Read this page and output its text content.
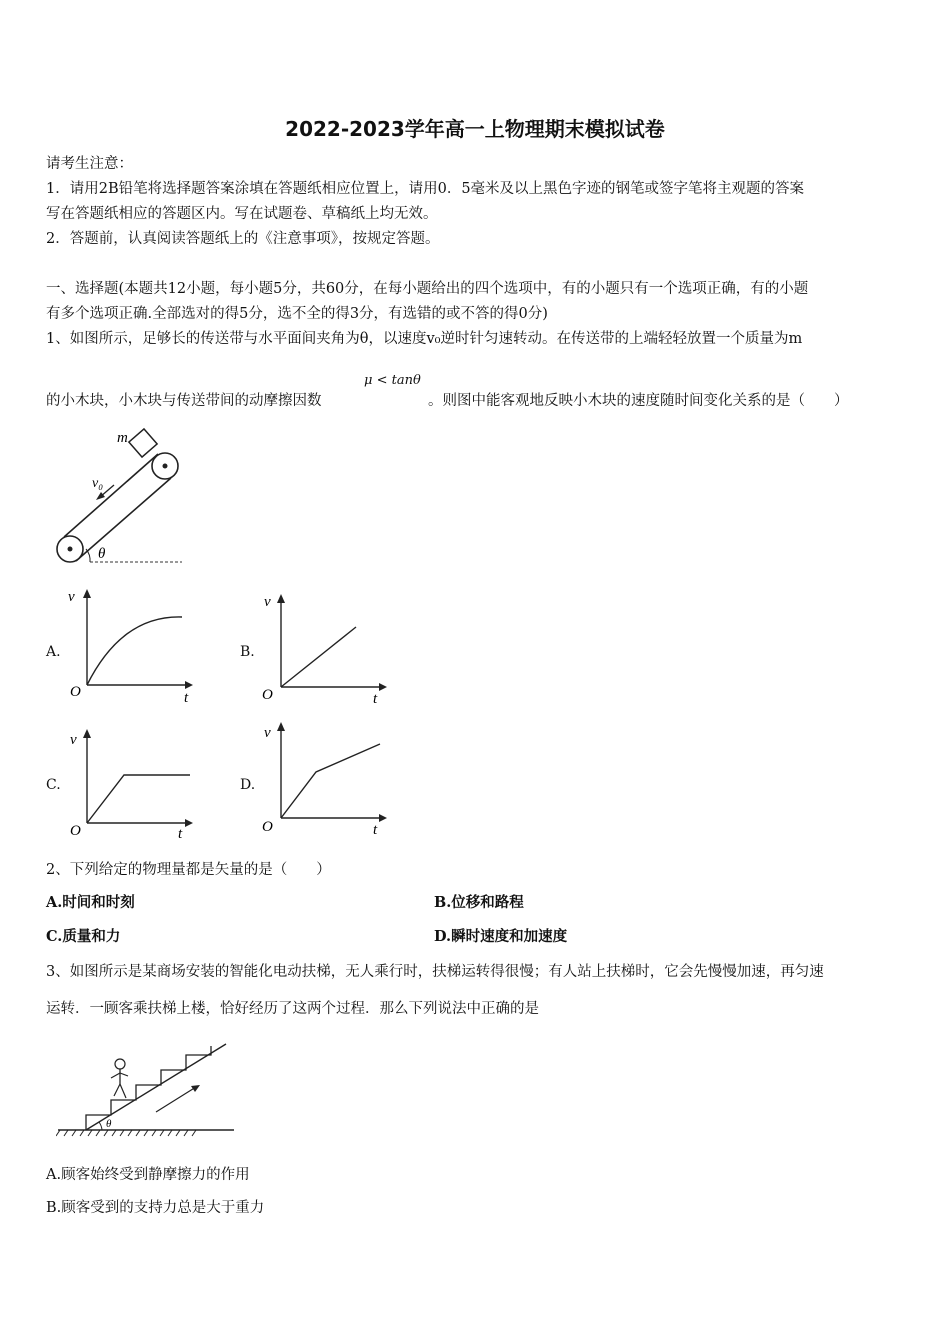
2022-2023学年高一上物理期末模拟试卷
请考生注意：
1．请用2B铅笔将选择题答案涂填在答题纸相应位置上，请用0．5毫米及以上黑色字迹的钢笔或签字笔将主观题的答案
写在答题纸相应的答题区内。写在试题卷、草稿纸上均无效。
2．答题前，认真阅读答题纸上的《注意事项》，按规定答题。
一、选择题(本题共12小题，每小题5分，共60分，在每小题给出的四个选项中，有的小题只有一个选项正确，有的小题
有多个选项正确.全部选对的得5分，选不全的得3分，有选错的或不答的得0分)
1、如图所示，足够长的传送带与水平面间夹角为θ，以速度v₀逆时针匀速转动。在传送带的上端轻轻放置一个质量为m
μ < tanθ
的小木块，小木块与传送带间的动摩擦因数	。则图中能客观地反映小木块的速度随时间变化关系的是（　　）
m
v₀
θ
A.
v
t
O
B.
v
t
O
C.
v
t
O
D.
v
t
O
2、下列给定的物理量都是矢量的是（　　）
A.时间和时刻	B.位移和路程
C.质量和力	D.瞬时速度和加速度
3、如图所示是某商场安装的智能化电动扶梯，无人乘行时，扶梯运转得很慢；有人站上扶梯时，它会先慢慢加速，再匀速
运转．一顾客乘扶梯上楼，恰好经历了这两个过程．那么下列说法中正确的是
θ
A.顾客始终受到静摩擦力的作用
B.顾客受到的支持力总是大于重力
